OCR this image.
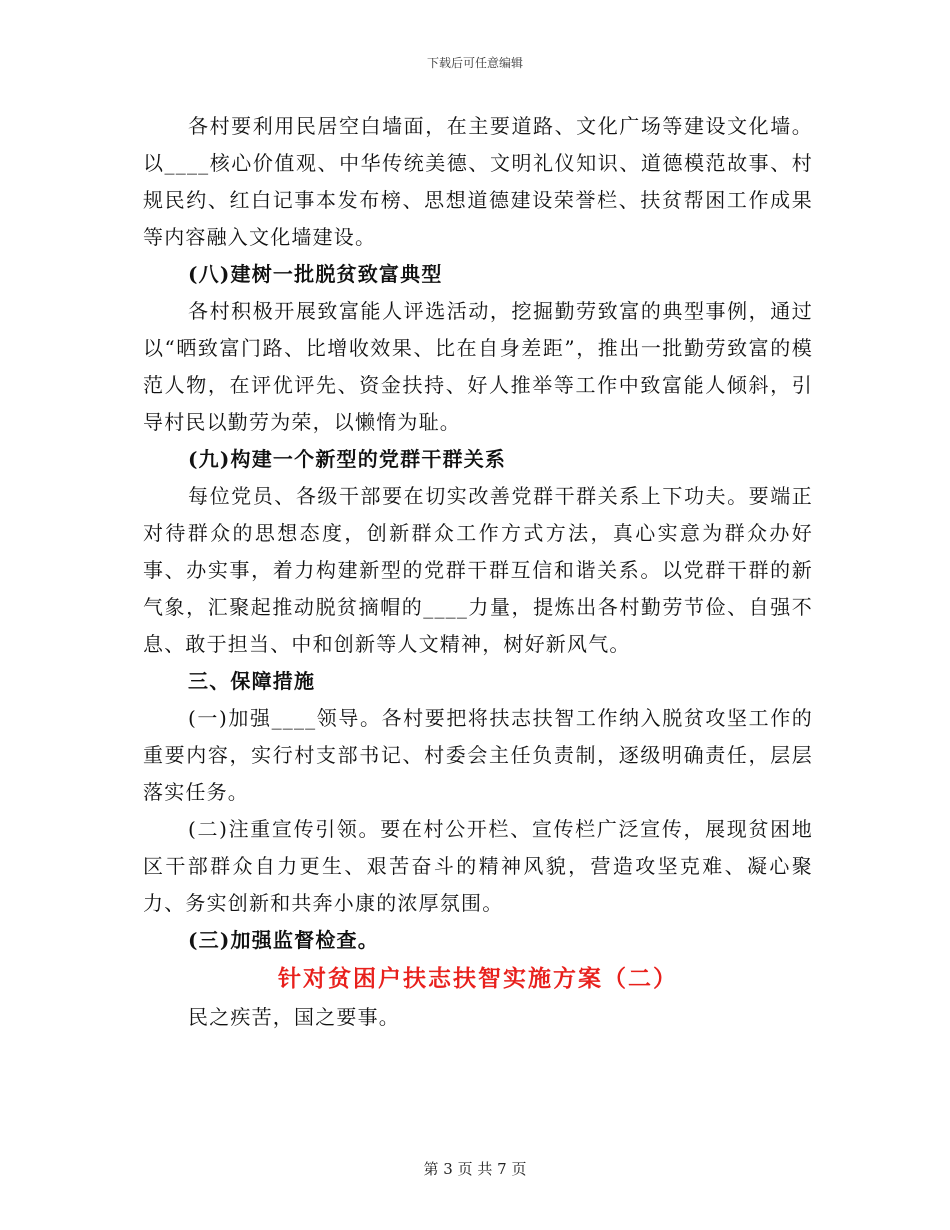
下载后可任意编辑

各村要利用民居空白墙面，在主要道路、文化广场等建设文化墙。以____核心价值观、中华传统美德、文明礼仪知识、道德模范故事、村规民约、红白记事本发布榜、思想道德建设荣誉栏、扶贫帮困工作成果等内容融入文化墙建设。

(八)建树一批脱贫致富典型

各村积极开展致富能人评选活动，挖掘勤劳致富的典型事例，通过以“晒致富门路、比增收效果、比在自身差距”，推出一批勤劳致富的模范人物，在评优评先、资金扶持、好人推举等工作中致富能人倾斜，引导村民以勤劳为荣，以懒惰为耻。

(九)构建一个新型的党群干群关系

每位党员、各级干部要在切实改善党群干群关系上下功夫。要端正对待群众的思想态度，创新群众工作方式方法，真心实意为群众办好事、办实事，着力构建新型的党群干群互信和谐关系。以党群干群的新气象，汇聚起推动脱贫摘帽的____力量，提炼出各村勤劳节俭、自强不息、敢于担当、中和创新等人文精神，树好新风气。

三、保障措施

(一)加强____领导。各村要把将扶志扶智工作纳入脱贫攻坚工作的重要内容，实行村支部书记、村委会主任负责制，逐级明确责任，层层落实任务。

(二)注重宣传引领。要在村公开栏、宣传栏广泛宣传，展现贫困地区干部群众自力更生、艰苦奋斗的精神风貌，营造攻坚克难、凝心聚力、务实创新和共奔小康的浓厚氛围。

(三)加强监督检查。

针对贫困户扶志扶智实施方案（二）

民之疾苦，国之要事。

第 3 页 共 7 页
